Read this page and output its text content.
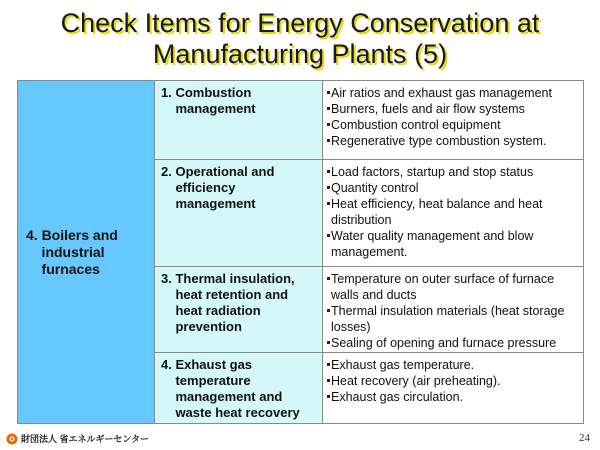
Check Items for Energy Conservation at
Manufacturing Plants (5)
4. Boilers and
industrial
furnaces
1. Combustion
management
Air ratios and exhaust gas management
Burners, fuels and air flow systems
Combustion control equipment
Regenerative type combustion system.
2. Operational and
efficiency
management
Load factors, startup and stop status
Quantity control
Heat efficiency, heat balance and heat distribution
Water quality management and blow management.
3. Thermal insulation,
heat retention and
heat radiation
prevention
Temperature on outer surface of furnace walls and ducts
Thermal insulation materials (heat storage losses)
Sealing of opening and furnace pressure
4. Exhaust gas
temperature
management and
waste heat recovery
Exhaust gas temperature.
Heat recovery (air preheating).
Exhaust gas circulation.
財団法人 省エネルギーセンター	24
